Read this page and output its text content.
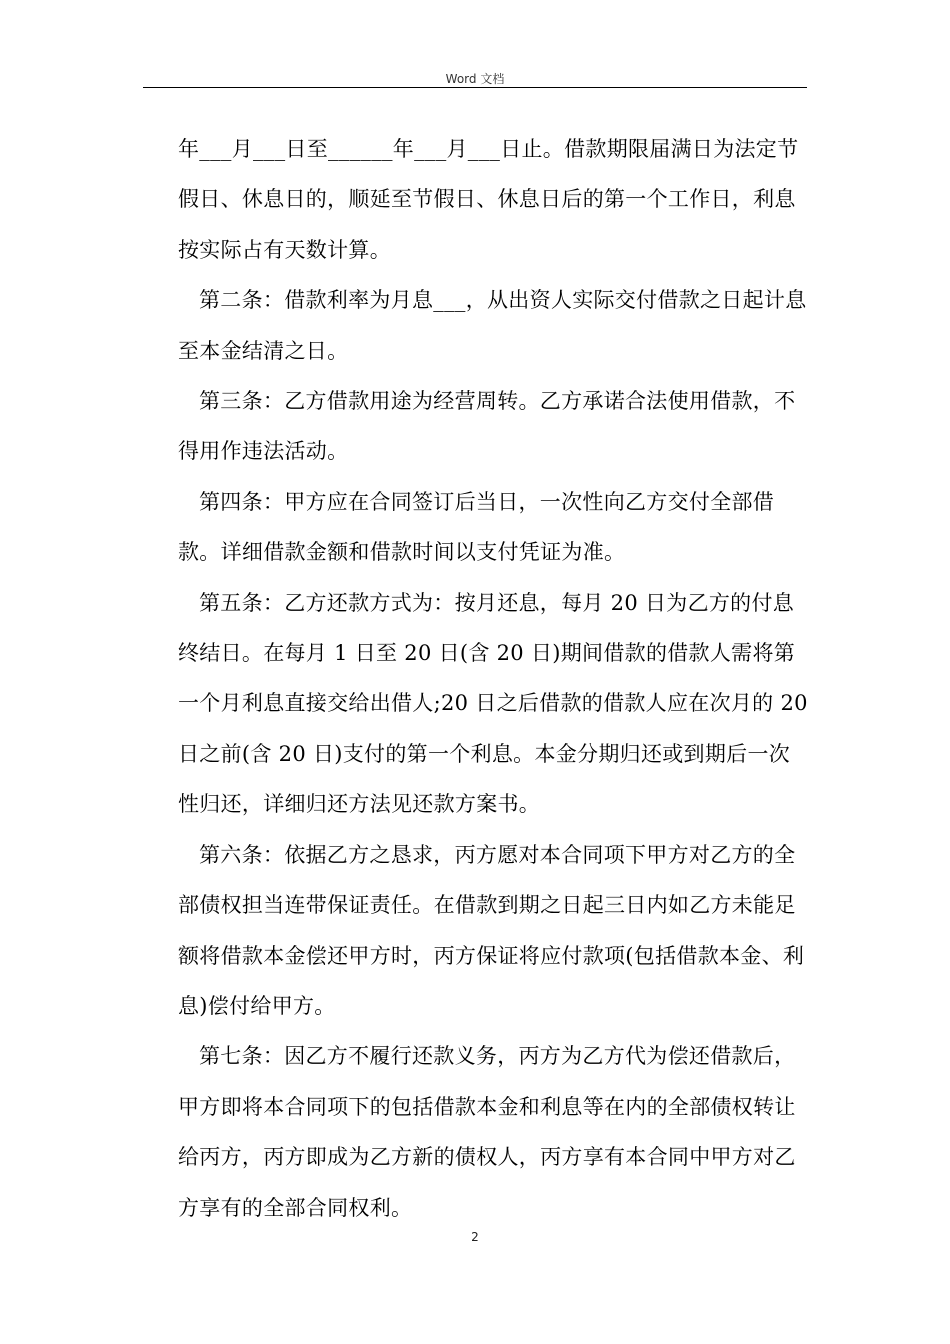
Word 文档

年___月___日至______年___月___日止。借款期限届满日为法定节假日、休息日的，顺延至节假日、休息日后的第一个工作日，利息按实际占有天数计算。

第二条：借款利率为月息___，从出资人实际交付借款之日起计息至本金结清之日。

第三条：乙方借款用途为经营周转。乙方承诺合法使用借款，不得用作违法活动。

第四条：甲方应在合同签订后当日，一次性向乙方交付全部借款。详细借款金额和借款时间以支付凭证为准。

第五条：乙方还款方式为：按月还息，每月 20 日为乙方的付息终结日。在每月 1 日至 20 日(含 20 日)期间借款的借款人需将第一个月利息直接交给出借人;20 日之后借款的借款人应在次月的 20 日之前(含 20 日)支付的第一个利息。本金分期归还或到期后一次性归还，详细归还方法见还款方案书。

第六条：依据乙方之恳求，丙方愿对本合同项下甲方对乙方的全部债权担当连带保证责任。在借款到期之日起三日内如乙方未能足额将借款本金偿还甲方时，丙方保证将应付款项(包括借款本金、利息)偿付给甲方。

第七条：因乙方不履行还款义务，丙方为乙方代为偿还借款后，甲方即将本合同项下的包括借款本金和利息等在内的全部债权转让给丙方，丙方即成为乙方新的债权人，丙方享有本合同中甲方对乙方享有的全部合同权利。

2
